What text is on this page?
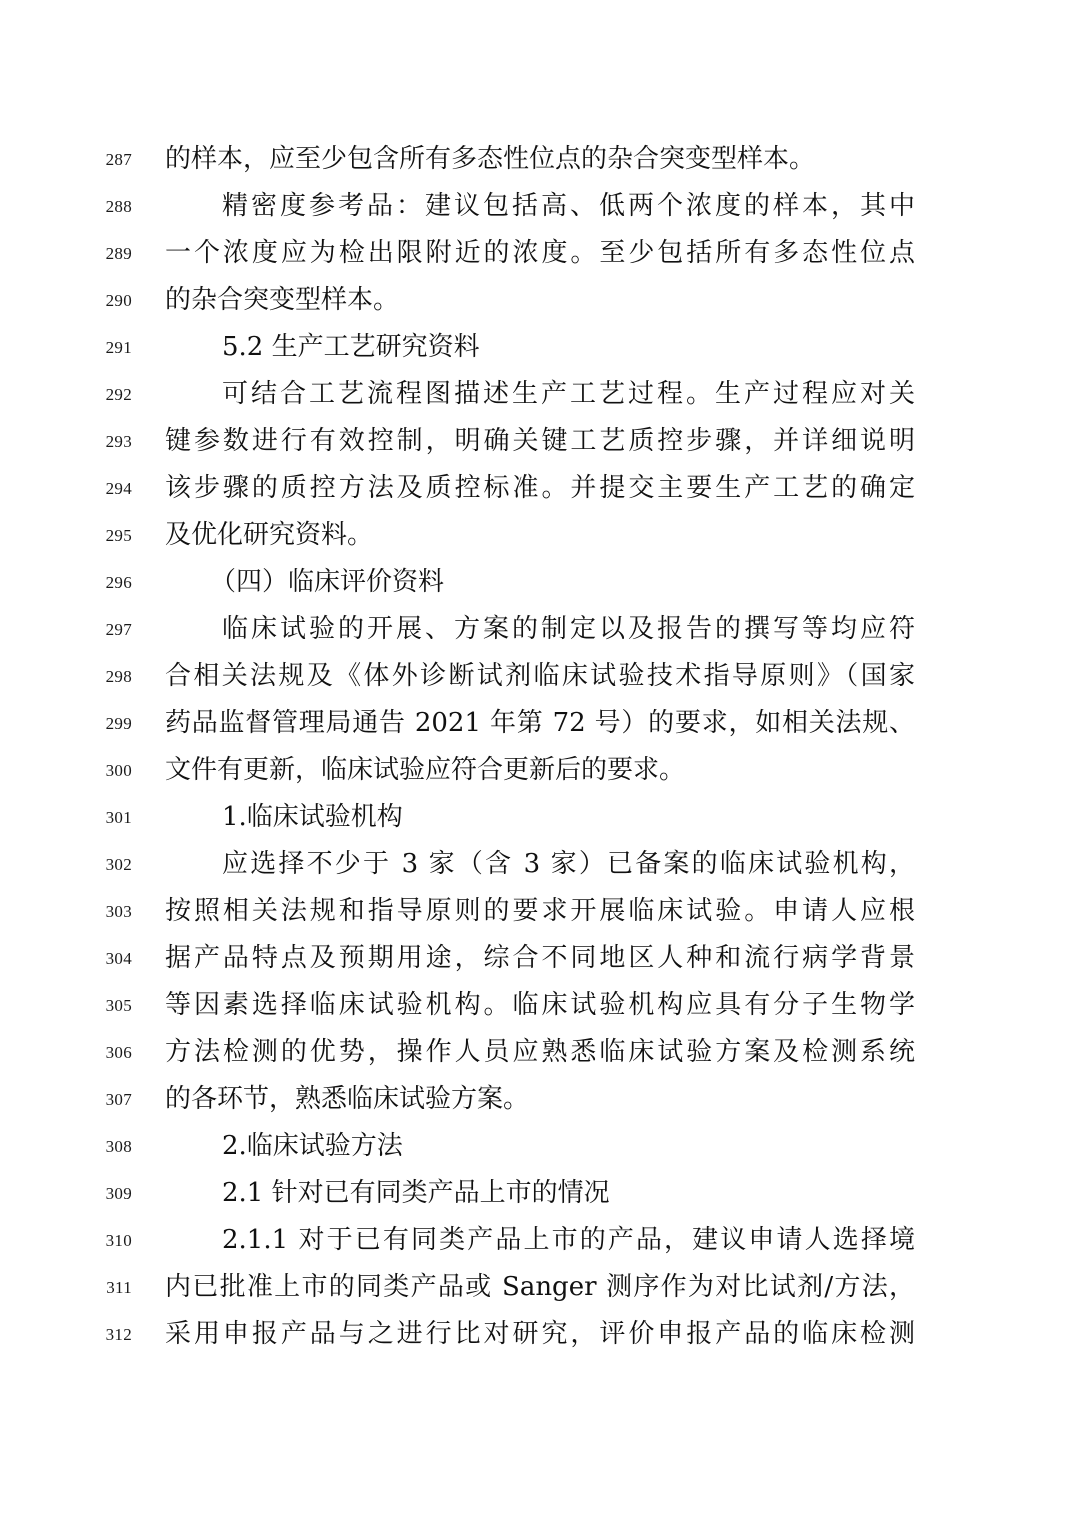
287 的样本，应至少包含所有多态性位点的杂合突变型样本。
288	精密度参考品：建议包括高、低两个浓度的样本，其中
289 一个浓度应为检出限附近的浓度。至少包括所有多态性位点
290 的杂合突变型样本。
291	5.2 生产工艺研究资料
292	可结合工艺流程图描述生产工艺过程。生产过程应对关
293 键参数进行有效控制，明确关键工艺质控步骤，并详细说明
294 该步骤的质控方法及质控标准。并提交主要生产工艺的确定
295 及优化研究资料。
296	（四）临床评价资料
297	临床试验的开展、方案的制定以及报告的撰写等均应符
298 合相关法规及《体外诊断试剂临床试验技术指导原则》（国家
299 药品监督管理局通告 2021 年第 72 号）的要求，如相关法规、
300 文件有更新，临床试验应符合更新后的要求。
301	1.临床试验机构
302	应选择不少于 3 家（含 3 家）已备案的临床试验机构，
303 按照相关法规和指导原则的要求开展临床试验。申请人应根
304 据产品特点及预期用途，综合不同地区人种和流行病学背景
305 等因素选择临床试验机构。临床试验机构应具有分子生物学
306 方法检测的优势，操作人员应熟悉临床试验方案及检测系统
307 的各环节，熟悉临床试验方案。
308	2.临床试验方法
309	2.1 针对已有同类产品上市的情况
310	2.1.1 对于已有同类产品上市的产品，建议申请人选择境
311 内已批准上市的同类产品或 Sanger 测序作为对比试剂/方法，
312 采用申报产品与之进行比对研究，评价申报产品的临床检测
